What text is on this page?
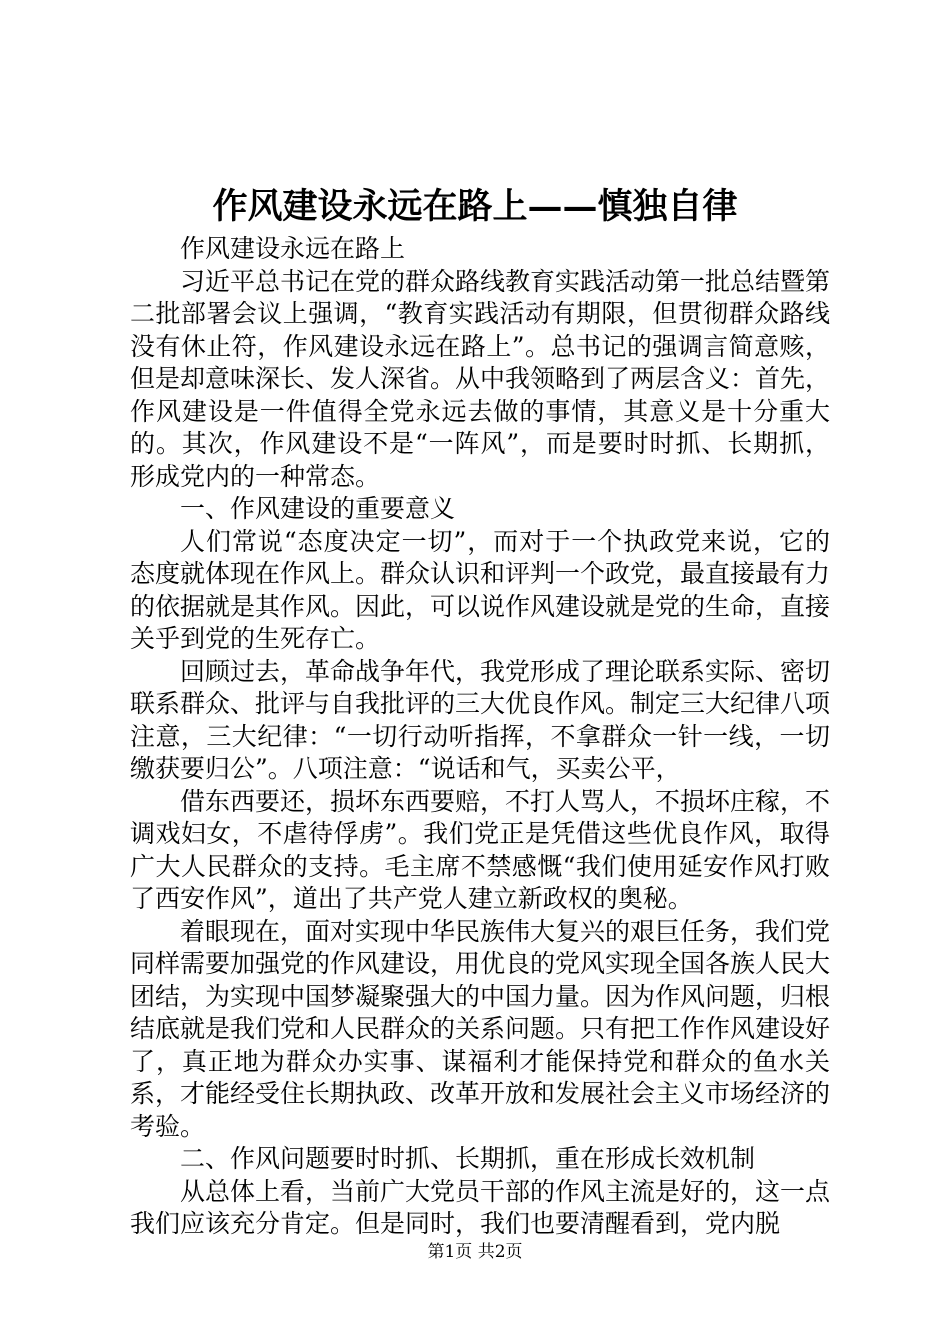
作风建设永远在路上——慎独自律

作风建设永远在路上

习近平总书记在党的群众路线教育实践活动第一批总结暨第二批部署会议上强调，“教育实践活动有期限，但贯彻群众路线没有休止符，作风建设永远在路上”。总书记的强调言简意赅，但是却意味深长、发人深省。从中我领略到了两层含义：首先，作风建设是一件值得全党永远去做的事情，其意义是十分重大的。其次，作风建设不是“一阵风”，而是要时时抓、长期抓，形成党内的一种常态。

一、作风建设的重要意义

人们常说“态度决定一切”，而对于一个执政党来说，它的态度就体现在作风上。群众认识和评判一个政党，最直接最有力的依据就是其作风。因此，可以说作风建设就是党的生命，直接关乎到党的生死存亡。

回顾过去，革命战争年代，我党形成了理论联系实际、密切联系群众、批评与自我批评的三大优良作风。制定三大纪律八项注意，三大纪律：“一切行动听指挥，不拿群众一针一线，一切缴获要归公”。八项注意：“说话和气，买卖公平，

借东西要还，损坏东西要赔，不打人骂人，不损坏庄稼，不调戏妇女，不虐待俘虏”。我们党正是凭借这些优良作风，取得广大人民群众的支持。毛主席不禁感慨“我们使用延安作风打败了西安作风”，道出了共产党人建立新政权的奥秘。

着眼现在，面对实现中华民族伟大复兴的艰巨任务，我们党同样需要加强党的作风建设，用优良的党风实现全国各族人民大团结，为实现中国梦凝聚强大的中国力量。因为作风问题，归根结底就是我们党和人民群众的关系问题。只有把工作作风建设好了，真正地为群众办实事、谋福利才能保持党和群众的鱼水关系，才能经受住长期执政、改革开放和发展社会主义市场经济的考验。

二、作风问题要时时抓、长期抓，重在形成长效机制

从总体上看，当前广大党员干部的作风主流是好的，这一点我们应该充分肯定。但是同时，我们也要清醒看到，党内脱

第1页 共2页
